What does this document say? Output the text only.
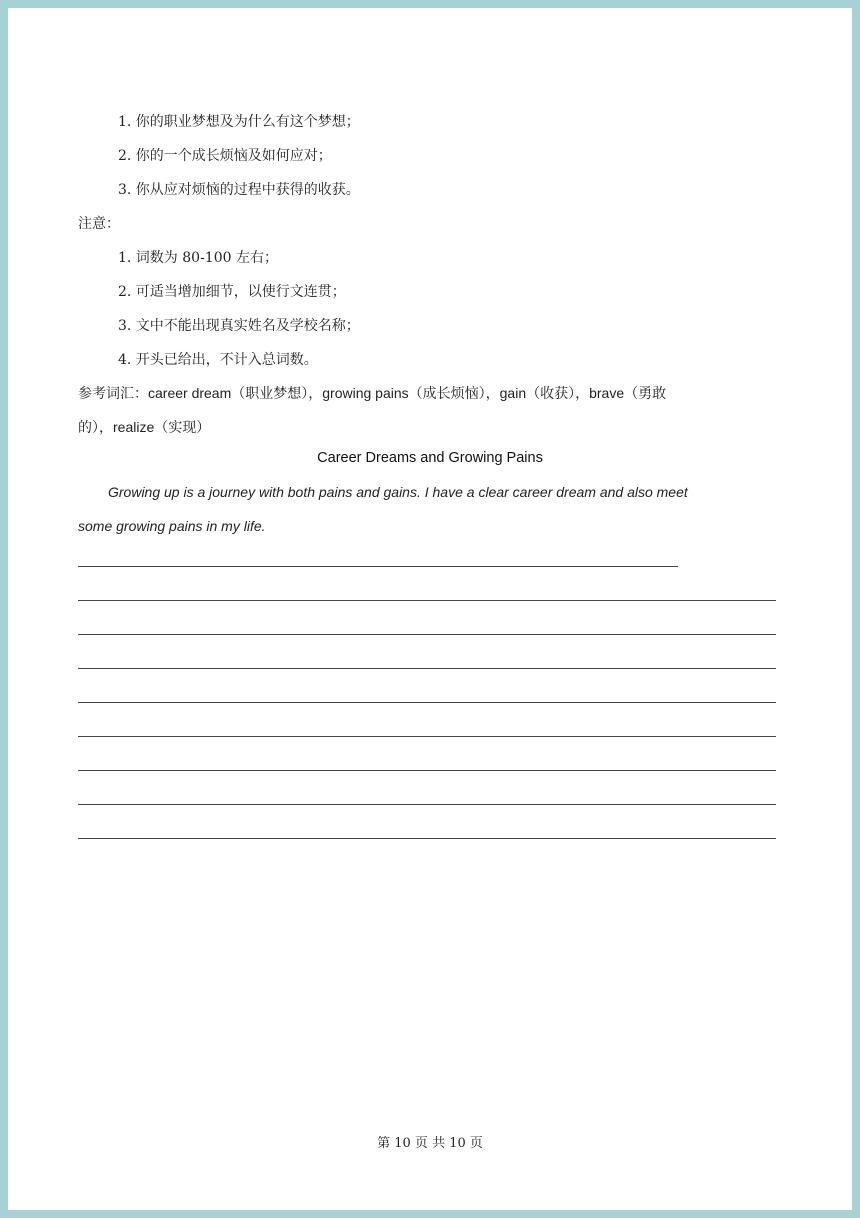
1. 你的职业梦想及为什么有这个梦想；
2. 你的一个成长烦恼及如何应对；
3. 你从应对烦恼的过程中获得的收获。
注意：
1. 词数为 80-100 左右；
2. 可适当增加细节，以使行文连贯；
3. 文中不能出现真实姓名及学校名称；
4. 开头已给出，不计入总词数。
参考词汇：career dream（职业梦想），growing pains（成长烦恼），gain（收获），brave（勇敢
的），realize（实现）
Career Dreams and Growing Pains
Growing up is a journey with both pains and gains. I have a clear career dream and also meet
some growing pains in my life.
第 10 页 共 10 页
